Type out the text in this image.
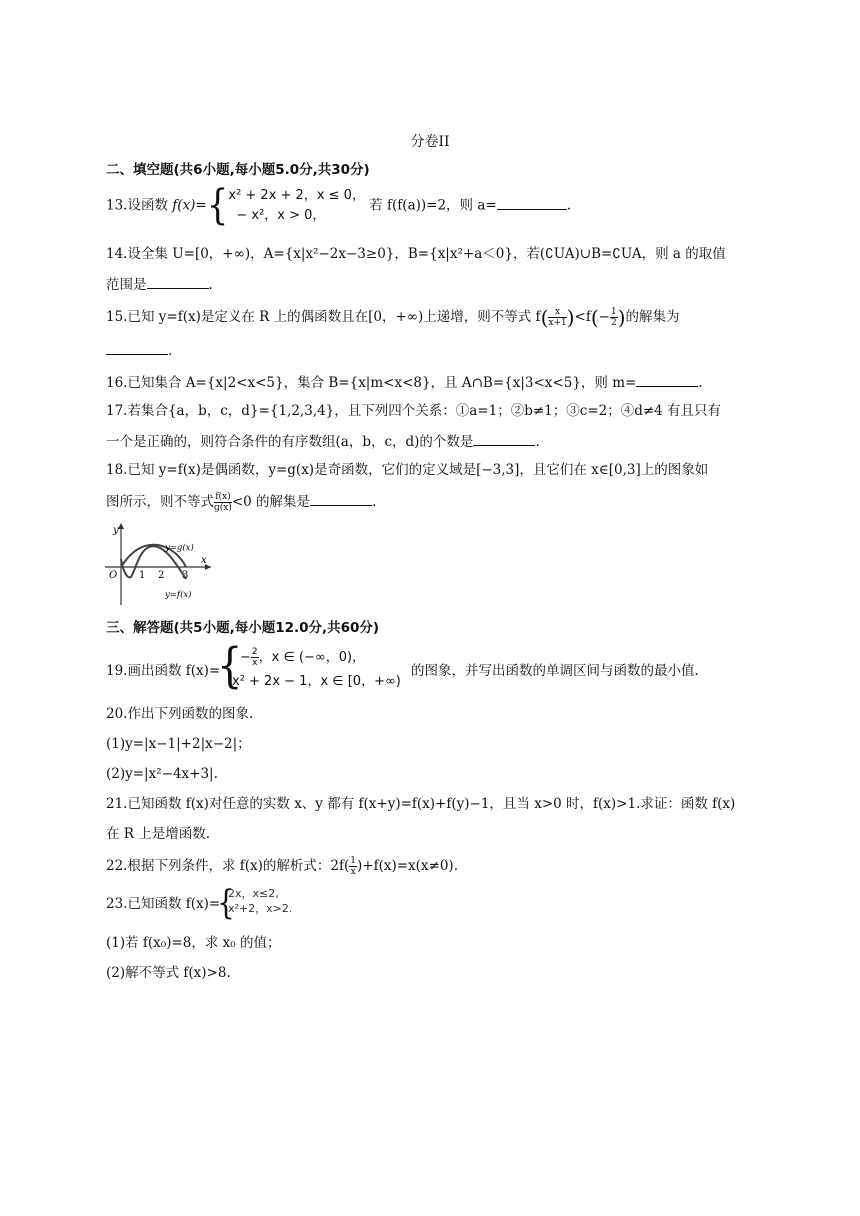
分卷II
二、填空题(共6小题,每小题5.0分,共30分)
13.设函数 f(x)={ x² + 2x + 2，x ≤ 0，
− x²，x > 0，
若 f(f(a))=2，则 a=	.
14.设全集 U=[0，+∞)，A={x|x²−2x−3≥0}，B={x|x²+a＜0}，若(∁UA)∪B=∁UA，则 a 的取值
范围是	.
15.已知 y=f(x)是定义在 R 上的偶函数且在[0，+∞)上递增，则不等式 $f( \frac{x}{x+1} )<f(- \frac{1}{2}$ )的解集为
.
16.已知集合 A={x|2<x<5}，集合 B={x|m<x<8}，且 A∩B={x|3<x<5}，则 m=	.
17.若集合{a，b，c，d}={1,2,3,4}，且下列四个关系：①a=1；②b≠1；③c=2；④d≠4 有且只有
一个是正确的，则符合条件的有序数组(a，b，c，d)的个数是	.
18.已知 y=f(x)是偶函数，y=g(x)是奇函数，它们的定义域是[−3,3]，且它们在 x∈[0,3]上的图象如
图所示，则不等式 $\frac{f(x)}{g(x)} <0$ 的解集是	.
y
x
O 1 2 3
y=g(x)
y=f(x)
三、解答题(共5小题,每小题12.0分,共60分)
19.画出函数 f(x)=
{
− $\frac{2}{x}$ ，x ∈ (−∞，0)，
x² + 2x − 1，x ∈ [0，+∞)
的图象，并写出函数的单调区间与函数的最小值.
20.作出下列函数的图象.
(1)y=|x−1|+2|x−2|；
(2)y=|x²−4x+3|.
21.已知函数 f(x)对任意的实数 x、y 都有 f(x+y)=f(x)+f(y)−1，且当 x>0 时，f(x)>1.求证：函数 f(x)
在 R 上是增函数.
22.根据下列条件，求 f(x)的解析式：$2f( \frac{1}{x} )+f(x)=x(x\ne 0)$.
23.已知函数 f(x)=
{
2x，x≤2,
x²+2，x>2.
(1)若 f(x₀)=8，求 x₀ 的值；
(2)解不等式 f(x)>8.
